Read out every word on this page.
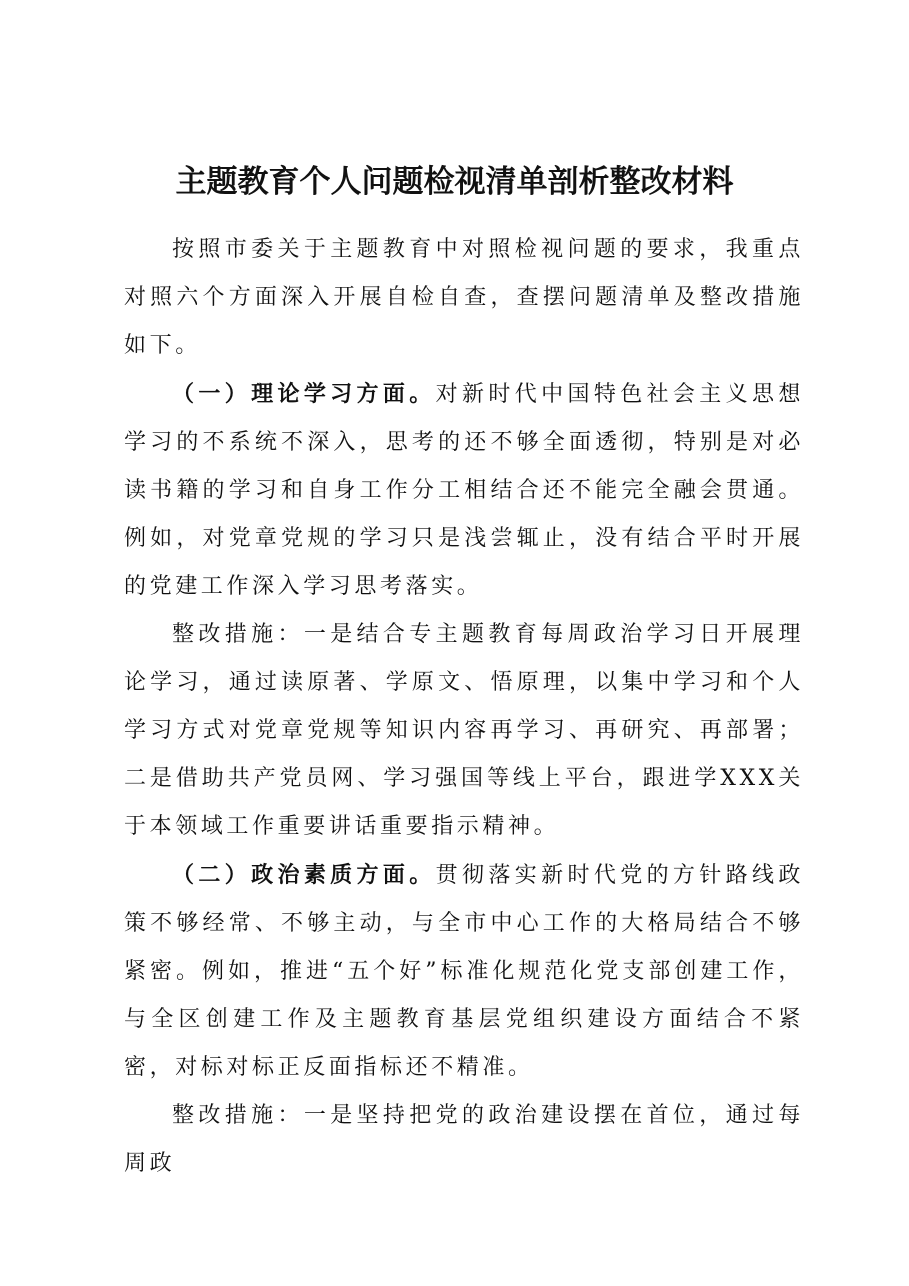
主题教育个人问题检视清单剖析整改材料

按照市委关于主题教育中对照检视问题的要求，我重点对照六个方面深入开展自检自查，查摆问题清单及整改措施如下。

（一）理论学习方面。对新时代中国特色社会主义思想学习的不系统不深入，思考的还不够全面透彻，特别是对必读书籍的学习和自身工作分工相结合还不能完全融会贯通。例如，对党章党规的学习只是浅尝辄止，没有结合平时开展的党建工作深入学习思考落实。

整改措施：一是结合专主题教育每周政治学习日开展理论学习，通过读原著、学原文、悟原理，以集中学习和个人学习方式对党章党规等知识内容再学习、再研究、再部署；二是借助共产党员网、学习强国等线上平台，跟进学XXX关于本领域工作重要讲话重要指示精神。

（二）政治素质方面。贯彻落实新时代党的方针路线政策不够经常、不够主动，与全市中心工作的大格局结合不够紧密。例如，推进“五个好”标准化规范化党支部创建工作，与全区创建工作及主题教育基层党组织建设方面结合不紧密，对标对标正反面指标还不精准。

整改措施：一是坚持把党的政治建设摆在首位，通过每周政
